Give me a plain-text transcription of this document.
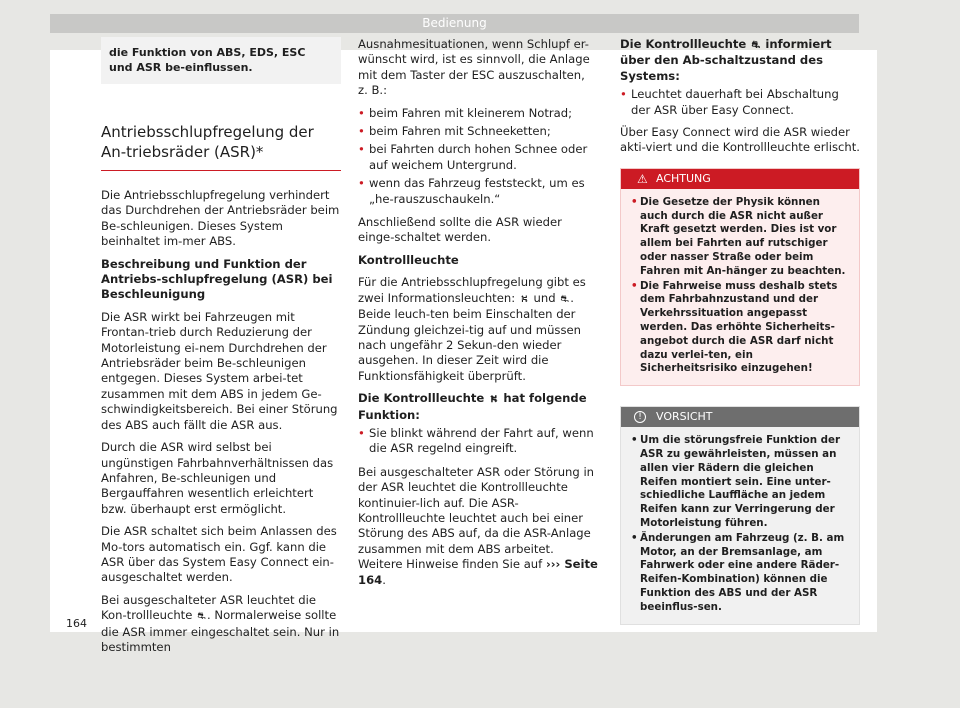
Bedienung
die Funktion von ABS, EDS, ESC und ASR be-einflussen.
Antriebsschlupfregelung der An-triebsräder (ASR)*

Die Antriebsschlupfregelung verhindert das Durchdrehen der Antriebsräder beim Be-schleunigen. Dieses System beinhaltet im-mer ABS.

Beschreibung und Funktion der Antriebs-schlupfregelung (ASR) bei Beschleunigung

Die ASR wirkt bei Fahrzeugen mit Frontan-trieb durch Reduzierung der Motorleistung ei-nem Durchdrehen der Antriebsräder beim Be-schleunigen entgegen. Dieses System arbei-tet zusammen mit dem ABS in jedem Ge-schwindigkeitsbereich. Bei einer Störung des ABS auch fällt die ASR aus.

Durch die ASR wird selbst bei ungünstigen Fahrbahnverhältnissen das Anfahren, Be-schleunigen und Bergauffahren wesentlich erleichtert bzw. überhaupt erst ermöglicht.

Die ASR schaltet sich beim Anlassen des Mo-tors automatisch ein. Ggf. kann die ASR über das System Easy Connect ein- ausgeschaltet werden.

Bei ausgeschalteter ASR leuchtet die Kon-trollleuchte ⛐. Normalerweise sollte die ASR immer eingeschaltet sein. Nur in bestimmten

Ausnahmesituationen, wenn Schlupf er-wünscht wird, ist es sinnvoll, die Anlage mit dem Taster der ESC auszuschalten, z. B.:

• beim Fahren mit kleinerem Notrad;
• beim Fahren mit Schneeketten;
• bei Fahrten durch hohen Schnee oder auf weichem Untergrund.
• wenn das Fahrzeug feststeckt, um es „he-rauszuschaukeln.“

Anschließend sollte die ASR wieder einge-schaltet werden.

Kontrollleuchte

Für die Antriebsschlupfregelung gibt es zwei Informationsleuchten: ⛕ und ⛐. Beide leuch-ten beim Einschalten der Zündung gleichzei-tig auf und müssen nach ungefähr 2 Sekun-den wieder ausgehen. In dieser Zeit wird die Funktionsfähigkeit überprüft.

Die Kontrollleuchte ⛕ hat folgende Funktion:

• Sie blinkt während der Fahrt auf, wenn die ASR regelnd eingreift.

Bei ausgeschalteter ASR oder Störung in der ASR leuchtet die Kontrollleuchte kontinuier-lich auf. Die ASR-Kontrollleuchte leuchtet auch bei einer Störung des ABS auf, da die ASR-Anlage zusammen mit dem ABS arbeitet. Weitere Hinweise finden Sie auf ››› Seite 164.

Die Kontrollleuchte ⛐ informiert über den Ab-schaltzustand des Systems:

• Leuchtet dauerhaft bei Abschaltung der ASR über Easy Connect.

Über Easy Connect wird die ASR wieder akti-viert und die Kontrollleuchte erlischt.

⚠ ACHTUNG
• Die Gesetze der Physik können auch durch die ASR nicht außer Kraft gesetzt werden. Dies ist vor allem bei Fahrten auf rutschiger oder nasser Straße oder beim Fahren mit An-hänger zu beachten.
• Die Fahrweise muss deshalb stets dem Fahrbahnzustand und der Verkehrssituation angepasst werden. Das erhöhte Sicherheits-angebot durch die ASR darf nicht dazu verlei-ten, ein Sicherheitsrisiko einzugehen!
!	VORSICHT
• Um die störungsfreie Funktion der ASR zu gewährleisten, müssen an allen vier Rädern die gleichen Reifen montiert sein. Eine unter-schiedliche Lauffläche an jedem Reifen kann zur Verringerung der Motorleistung führen.
• Änderungen am Fahrzeug (z. B. am Motor, an der Bremsanlage, am Fahrwerk oder eine andere Räder-Reifen-Kombination) können die Funktion des ABS und der ASR beeinflus-sen.
164
